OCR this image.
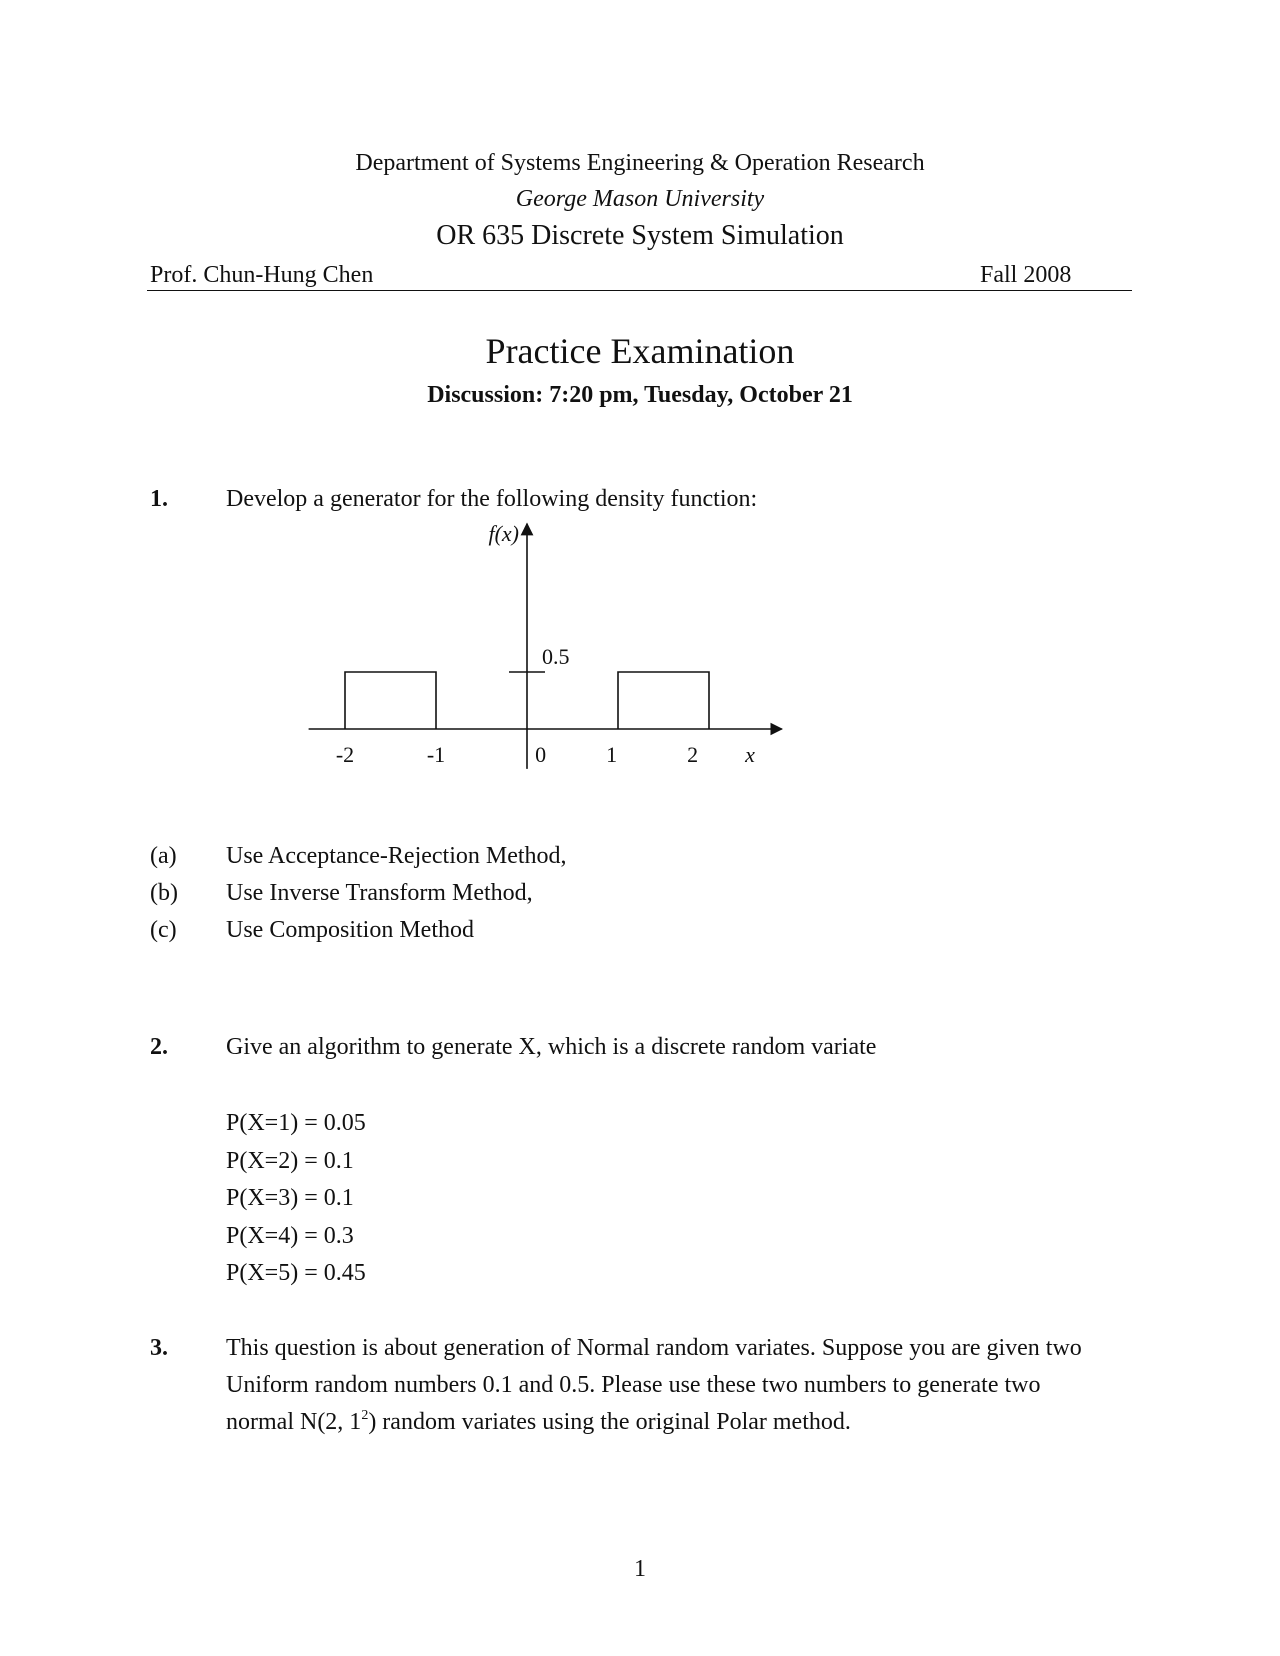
Department of Systems Engineering & Operation Research
George Mason University
OR 635 Discrete System Simulation
Prof. Chun-Hung Chen	Fall 2008
Practice Examination
Discussion: 7:20 pm, Tuesday, October 21
1. Develop a generator for the following density function:
-2	-1	0	1	2
0.5
f(x)
x
(a) Use Acceptance-Rejection Method,
(b) Use Inverse Transform Method,
(c) Use Composition Method
2. Give an algorithm to generate X, which is a discrete random variate
P(X=1) = 0.05
P(X=2) = 0.1
P(X=3) = 0.1
P(X=4) = 0.3
P(X=5) = 0.45
3. This question is about generation of Normal random variates. Suppose you are given two
Uniform random numbers 0.1 and 0.5. Please use these two numbers to generate two
normal N(2, $1^2$) random variates using the original Polar method.
1
